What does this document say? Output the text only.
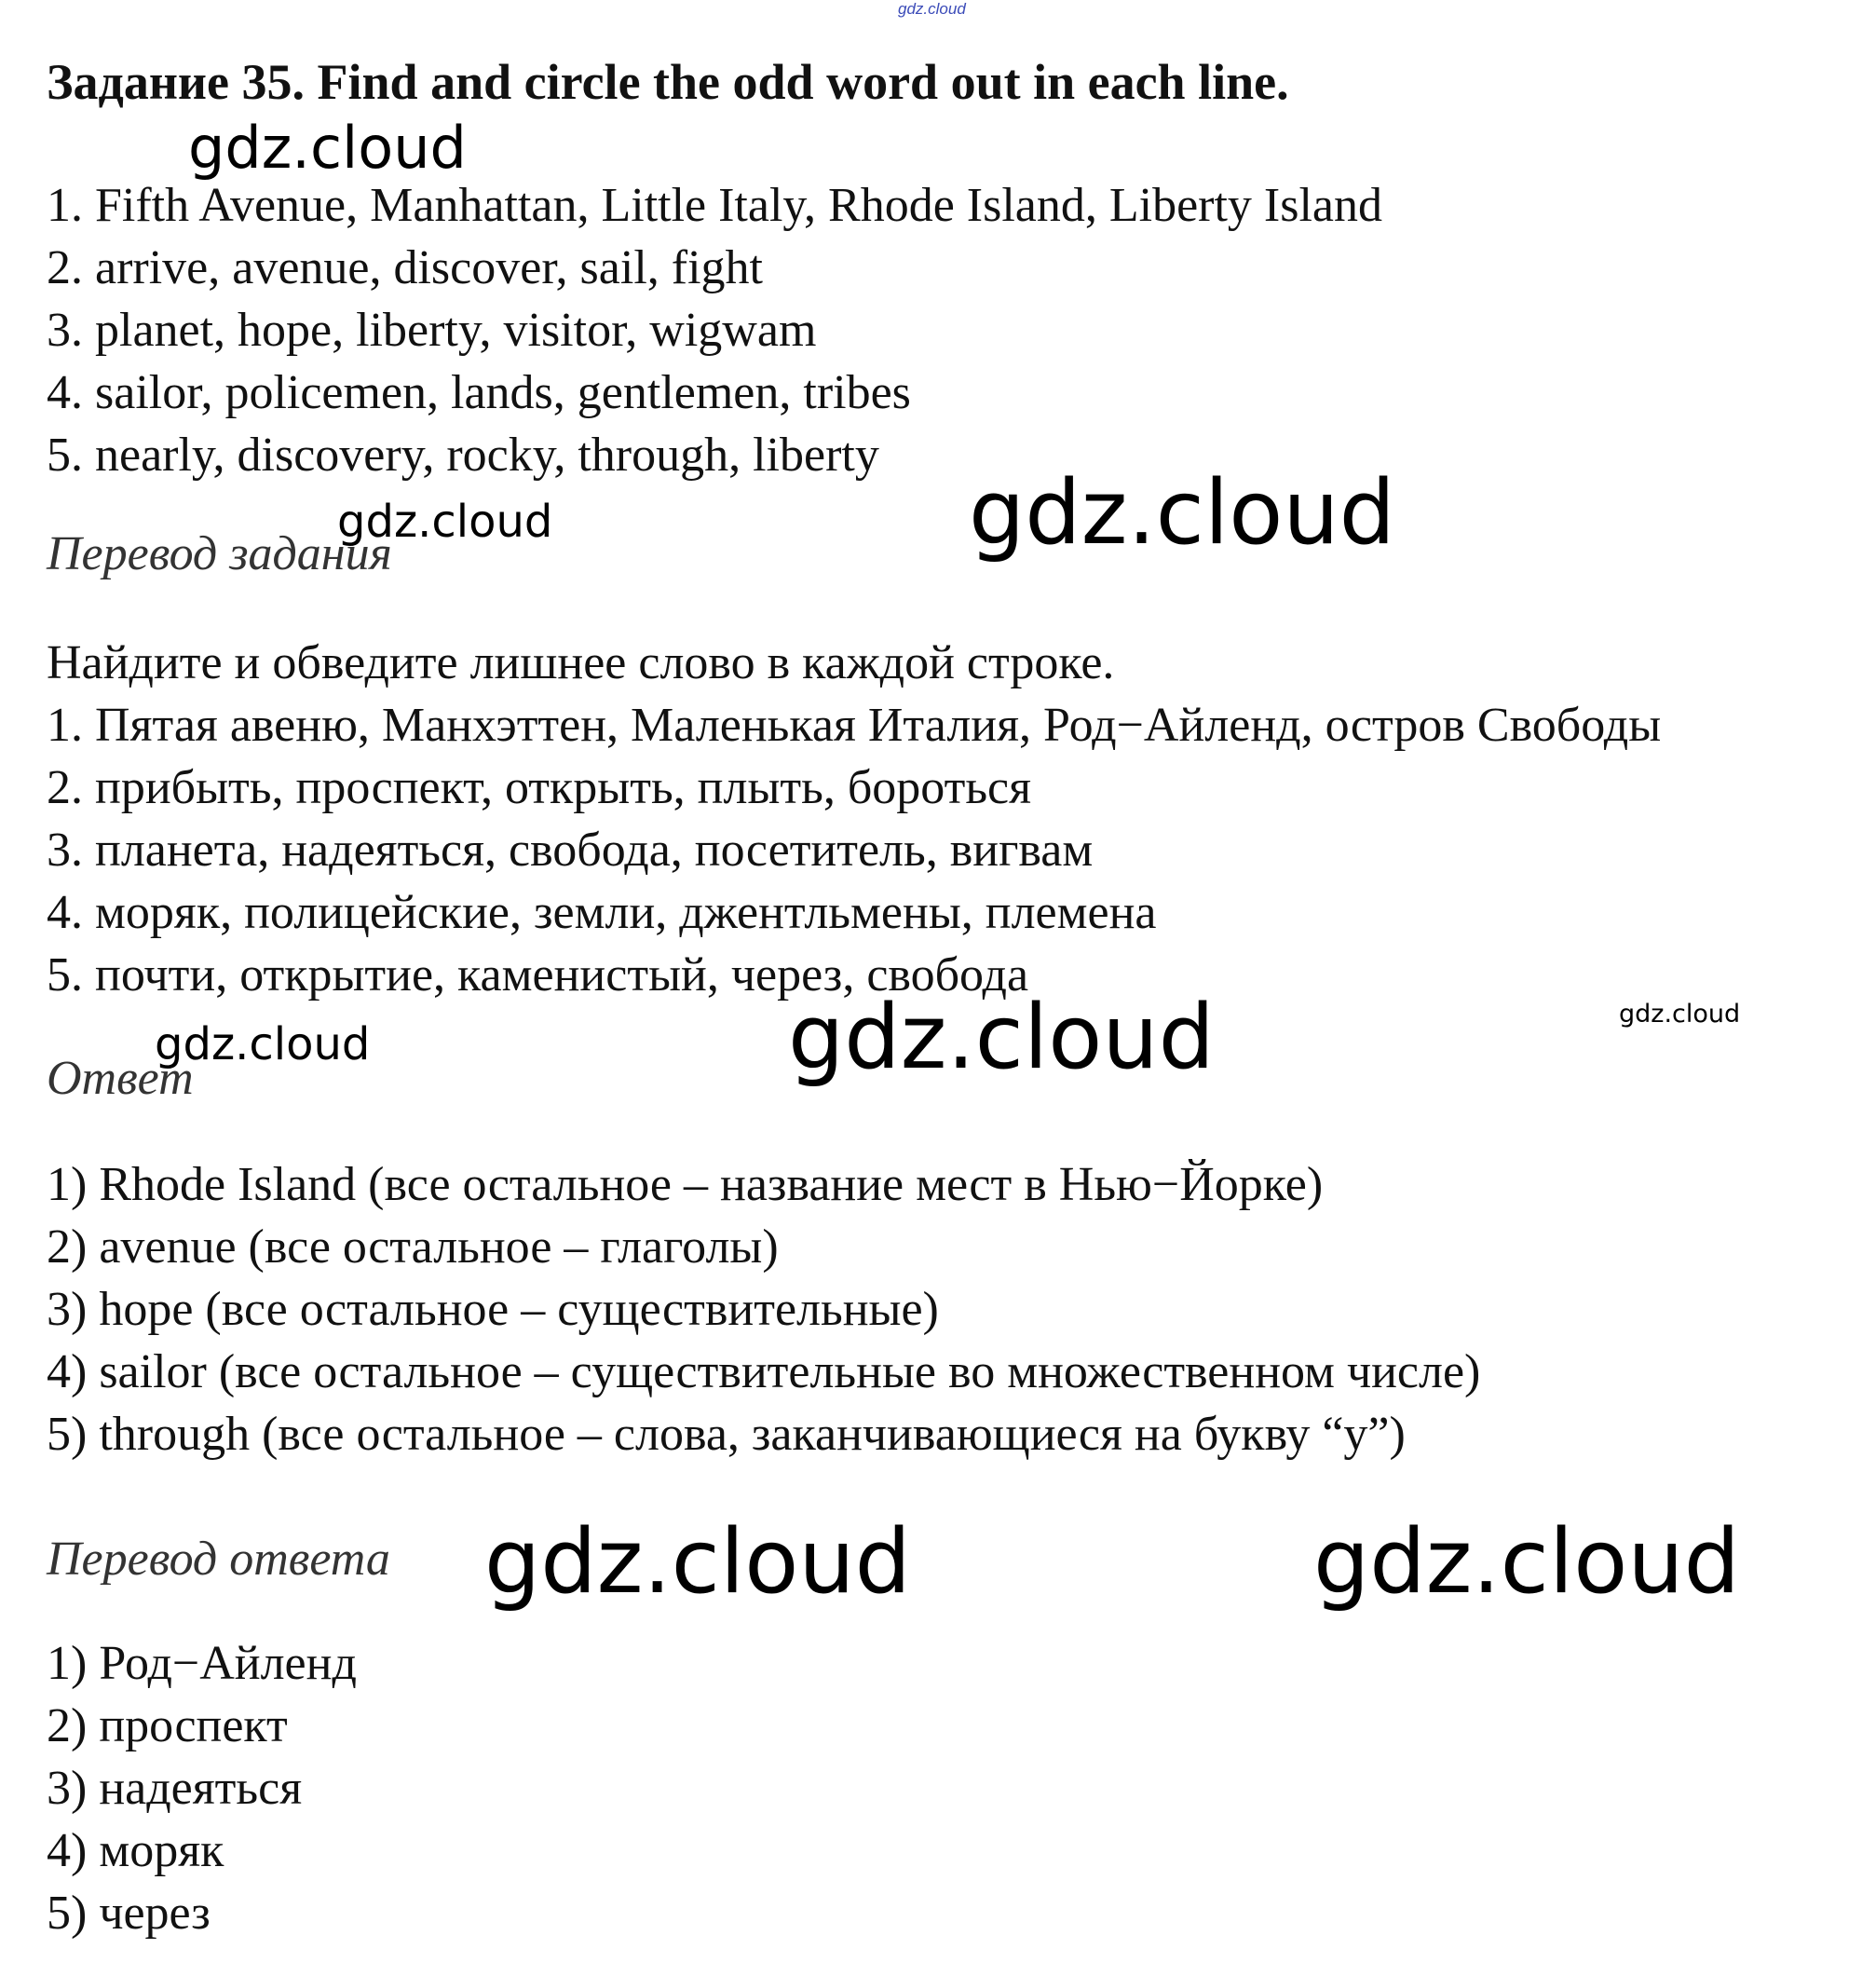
gdz.cloud
Задание 35. Find and circle the odd word out in each line.
1. Fifth Avenue, Manhattan, Little Italy, Rhode Island, Liberty Island
2. arrive, avenue, discover, sail, fight
3. planet, hope, liberty, visitor, wigwam
4. sailor, policemen, lands, gentlemen, tribes
5. nearly, discovery, rocky, through, liberty
Перевод задания
Найдите и обведите лишнее слово в каждой строке.
1. Пятая авеню, Манхэттен, Маленькая Италия, Род−Айленд, остров Свободы
2. прибыть, проспект, открыть, плыть, бороться
3. планета, надеяться, свобода, посетитель, вигвам
4. моряк, полицейские, земли, джентльмены, племена
5. почти, открытие, каменистый, через, свобода
Ответ
1) Rhode Island (все остальное – название мест в Нью−Йорке)
2) avenue (все остальное – глаголы)
3) hope (все остальное – существительные)
4) sailor (все остальное – существительные во множественном числе)
5) through (все остальное – слова, заканчивающиеся на букву “y”)
Перевод ответа
1) Род−Айленд
2) проспект
3) надеяться
4) моряк
5) через
gdz.cloud
gdz.cloud	gdz.cloud
gdz.cloud	gdz.cloud	gdz.cloud
gdz.cloud	gdz.cloud
